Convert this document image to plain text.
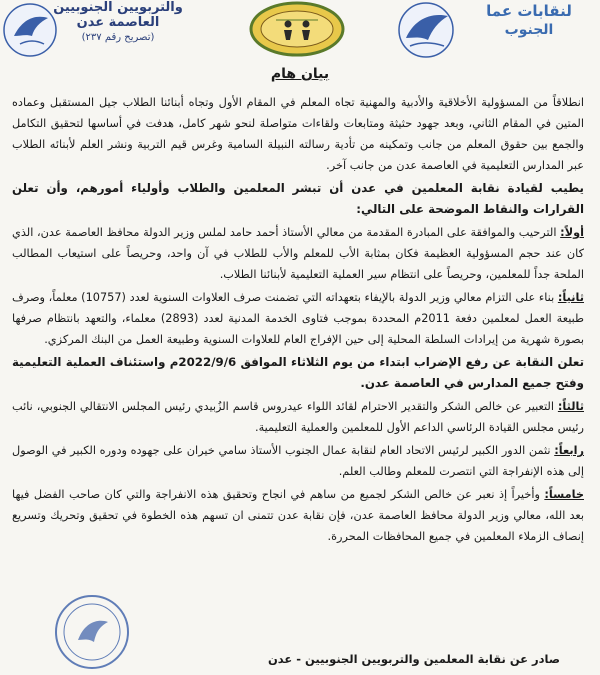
والتربويين الجنوبيين
العاصمة عدن
(تصريح رقم ٢٣٧)
لنقابات عما
الجنوب
بيان هام

انطلاقاً من المسؤولية الأخلاقية والأدبية والمهنية تجاه المعلم في المقام الأول وتجاه أبنائنا الطلاب جيل المستقبل وعماده المتين في المقام الثاني، وبعد جهود حثيثة ومتابعات ولقاءات متواصلة لنحو شهر كامل، هدفت في أساسها لتحقيق التكامل والجمع بين حقوق المعلم من جانب وتمكينه من تأدية رسالته النبيلة السامية وغرس قيم التربية ونشر العلم لأبنائه الطلاب عبر المدارس التعليمية في العاصمة عدن من جانب آخر.

يطيب لقيادة نقابة المعلمين في عدن أن تبشر المعلمين والطلاب وأولياء أمورهم، وأن تعلن القرارات والنقاط الموضحة على التالي:

أولاً: الترحيب والموافقة على المبادرة المقدمة من معالي الأستاذ أحمد حامد لملس وزير الدولة محافظ العاصمة عدن، الذي كان عند حجم المسؤولية العظيمة فكان بمثابة الأب للمعلم والأب للطلاب في آن واحد، وحريصاً على استيعاب المطالب الملحة جداً للمعلمين، وحريصاً على انتظام سير العملية التعليمية لأبنائنا الطلاب.

ثانياً: بناء على التزام معالي وزير الدولة بالإيفاء بتعهداته التي تضمنت صرف العلاوات السنوية لعدد (10757) معلماً، وصرف طبيعة العمل لمعلمين دفعة 2011م المحددة بموجب فتاوى الخدمة المدنية لعدد (2893) معلماء، والتعهد بانتظام صرفها بصورة شهرية من إيرادات السلطة المحلية إلى حين الإفراج العام للعلاوات السنوية وطبيعة العمل من البنك المركزي.

تعلن النقابة عن رفع الإضراب ابتداء من يوم الثلاثاء الموافق 2022/9/6م واستئناف العملية التعليمية وفتح جميع المدارس في العاصمة عدن.

ثالثاً: التعبير عن خالص الشكر والتقدير الاحترام لقائد اللواء عيدروس قاسم الزُبيدي رئيس المجلس الانتقالي الجنوبي، نائب رئيس مجلس القيادة الرئاسي الداعم الأول للمعلمين والعملية التعليمية.

رابعاً: نثمن الدور الكبير لرئيس الاتحاد العام لنقابة عمال الجنوب الأستاذ سامي خيران على جهوده ودوره الكبير في الوصول إلى هذه الإنفراجة التي انتصرت للمعلم وطالب العلم.

خامساً: وأخيراً إذ نعبر عن خالص الشكر لجميع من ساهم في انجاح وتحقيق هذه الانفراجة والتي كان صاحب الفضل فيها بعد الله، معالي وزير الدولة محافظ العاصمة عدن، فإن نقابة عدن تتمنى ان تسهم هذه الخطوة في تحقيق وتحريك وتسريع إنصاف الزملاء المعلمين في جميع المحافظات المحررة.

صادر عن نقابة المعلمين والتربويين الجنوبيين - عدن
